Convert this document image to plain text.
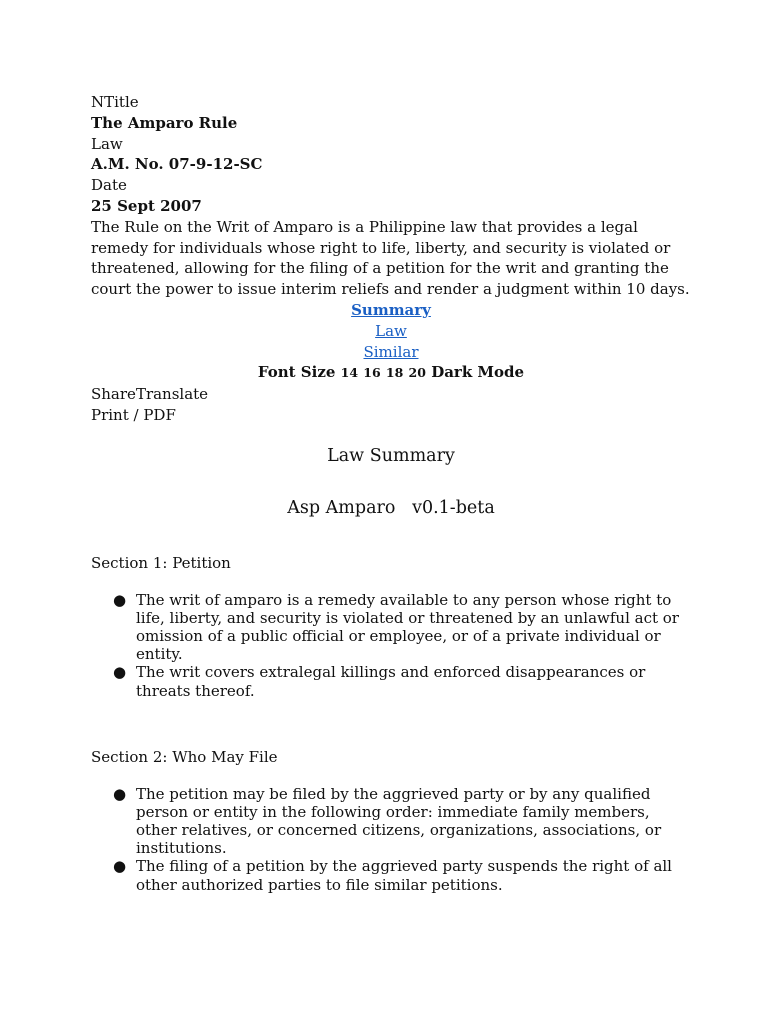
NTitle
The Amparo Rule
Law
A.M. No. 07-9-12-SC
Date
25 Sept 2007

The Rule on the Writ of Amparo is a Philippine law that provides a legal remedy for individuals whose right to life, liberty, and security is violated or threatened, allowing for the filing of a petition for the writ and granting the court the power to issue interim reliefs and render a judgment within 10 days.

Summary
Law
Similar
Font Size 14 16 18 20 Dark Mode
ShareTranslate
Print / PDF
Law Summary
Asp Amparo   v0.1-beta
Section 1: Petition
● The writ of amparo is a remedy available to any person whose right to life, liberty, and security is violated or threatened by an unlawful act or omission of a public official or employee, or of a private individual or entity.
● The writ covers extralegal killings and enforced disappearances or threats thereof.
Section 2: Who May File
● The petition may be filed by the aggrieved party or by any qualified person or entity in the following order: immediate family members, other relatives, or concerned citizens, organizations, associations, or institutions.
● The filing of a petition by the aggrieved party suspends the right of all other authorized parties to file similar petitions.
